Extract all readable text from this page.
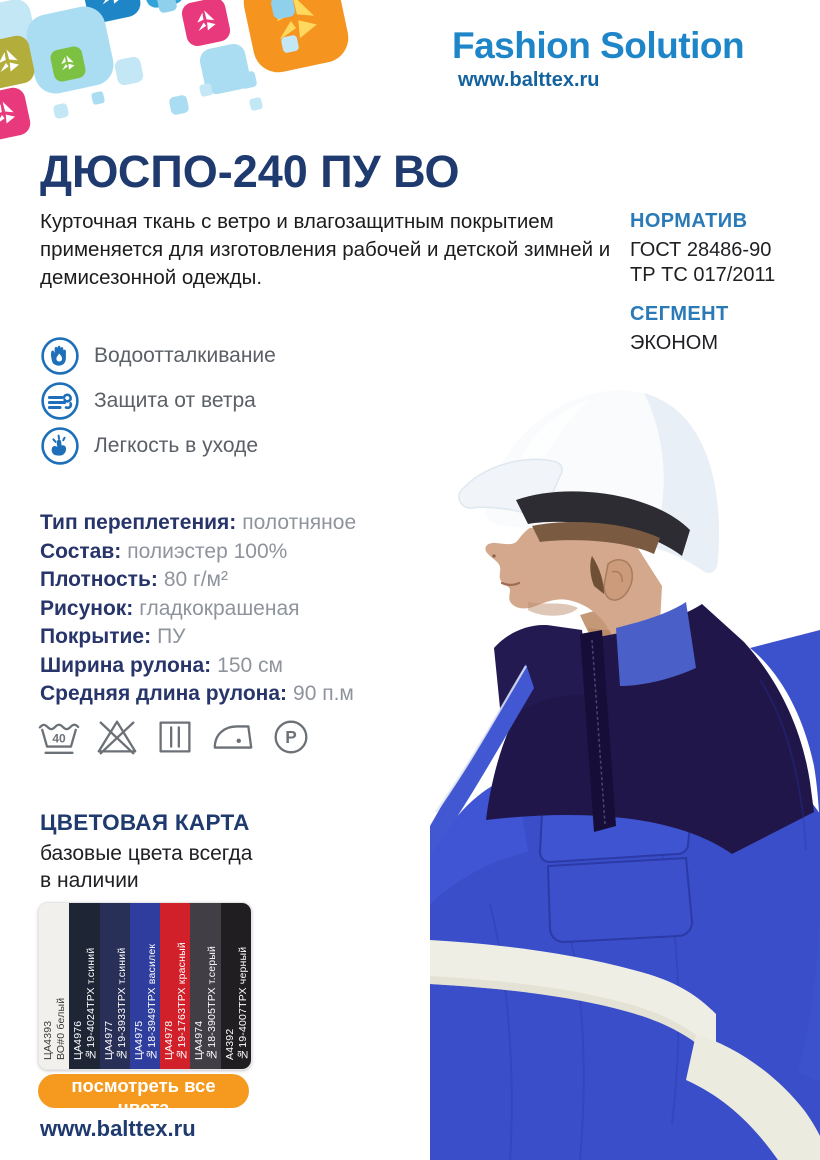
Fashion Solution
www.balttex.ru
ДЮСПО-240 ПУ ВО

Курточная ткань с ветро и влагозащитным покрытием применяется для изготовления рабочей и детской зимней и демисезонной одежды.

НОРМАТИВ
ГОСТ 28486-90
ТР ТС 017/2011
СЕГМЕНТ
ЭКОНОМ
Водоотталкивание
Защита от ветра
Легкость в уходе
Тип переплетения: полотняное
Состав: полиэстер 100%
Плотность: 80 г/м²
Рисунок: гладкокрашеная
Покрытие: ПУ
Ширина рулона: 150 см
Средняя длина рулона: 90 п.м
40	P
ЦВЕТОВАЯ КАРТА
базовые цвета всегда
в наличии
ЦА4393 ВО#0 белый ЦА4976 №19-4024ТРХ т.синий ЦА4977 №19-3933ТРХ т.синий ЦА4975 №18-3949ТРХ василек ЦА4978 №19-1763ТРХ красный ЦА4974 №18-3905ТРХ т.серый А4392 №19-4007ТРХ черный
посмотреть все цвета
www.balttex.ru
